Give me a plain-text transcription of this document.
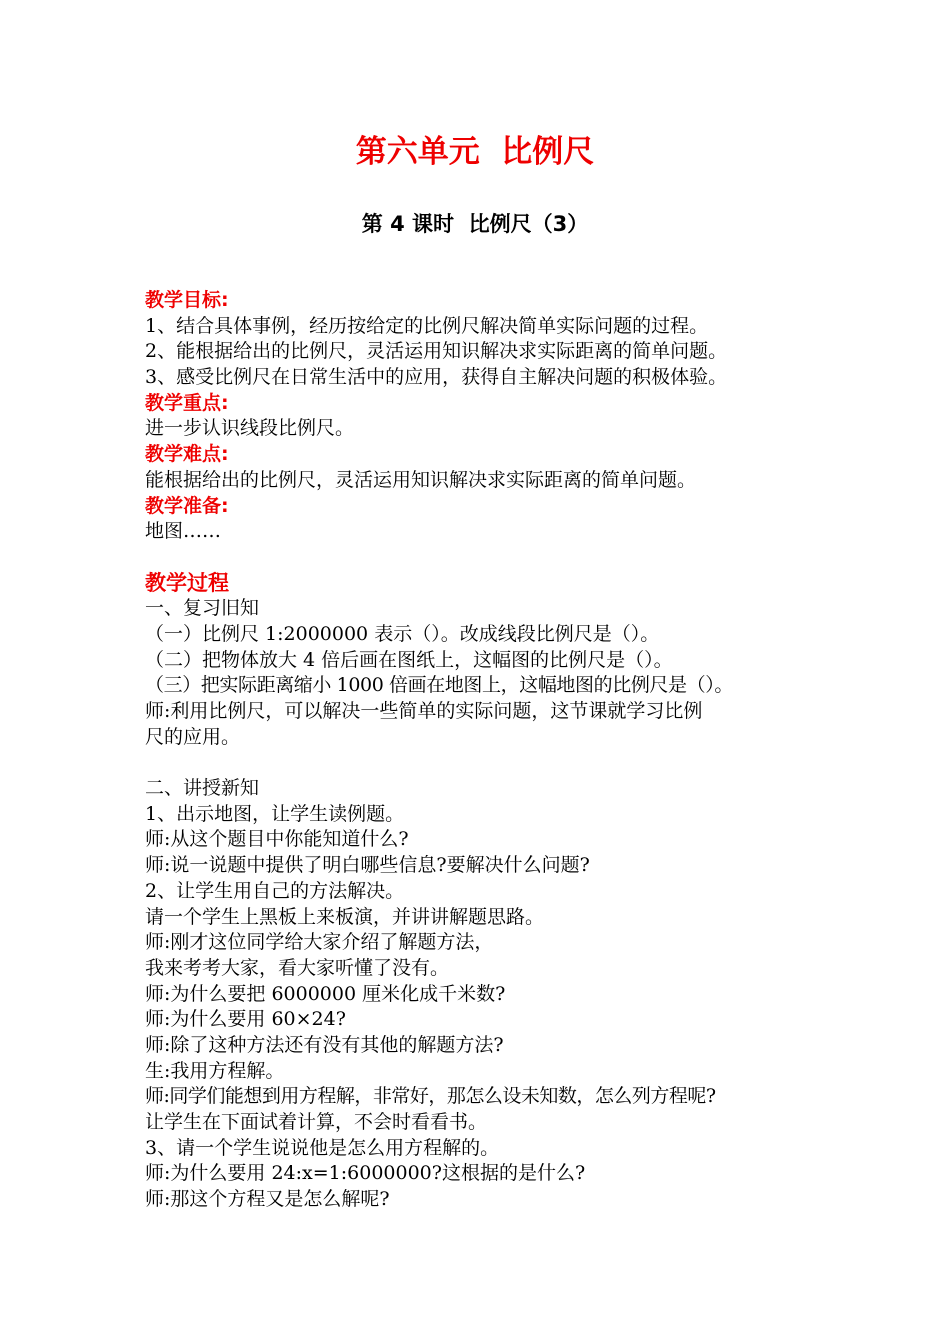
第六单元  比例尺
第 4 课时  比例尺（3）
教学目标:
1、结合具体事例，经历按给定的比例尺解决简单实际问题的过程。
2、能根据给出的比例尺，灵活运用知识解决求实际距离的简单问题。
3、感受比例尺在日常生活中的应用，获得自主解决问题的积极体验。
教学重点:
进一步认识线段比例尺。
教学难点:
能根据给出的比例尺，灵活运用知识解决求实际距离的简单问题。
教学准备:
地图……
教学过程
一、复习旧知
（一）比例尺 1:2000000 表示（）。改成线段比例尺是（）。
（二）把物体放大 4 倍后画在图纸上，这幅图的比例尺是（）。
（三）把实际距离缩小 1000 倍画在地图上，这幅地图的比例尺是（）。
师:利用比例尺，可以解决一些简单的实际问题，这节课就学习比例
尺的应用。
二、讲授新知
1、出示地图，让学生读例题。
师:从这个题目中你能知道什么?
师:说一说题中提供了明白哪些信息?要解决什么问题?
2、让学生用自己的方法解决。
请一个学生上黑板上来板演，并讲讲解题思路。
师:刚才这位同学给大家介绍了解题方法，
我来考考大家，看大家听懂了没有。
师:为什么要把 6000000 厘米化成千米数?
师:为什么要用 60×24?
师:除了这种方法还有没有其他的解题方法?
生:我用方程解。
师:同学们能想到用方程解，非常好，那怎么设未知数，怎么列方程呢?
让学生在下面试着计算，不会时看看书。
3、请一个学生说说他是怎么用方程解的。
师:为什么要用 24:x=1:6000000?这根据的是什么?
师:那这个方程又是怎么解呢?
